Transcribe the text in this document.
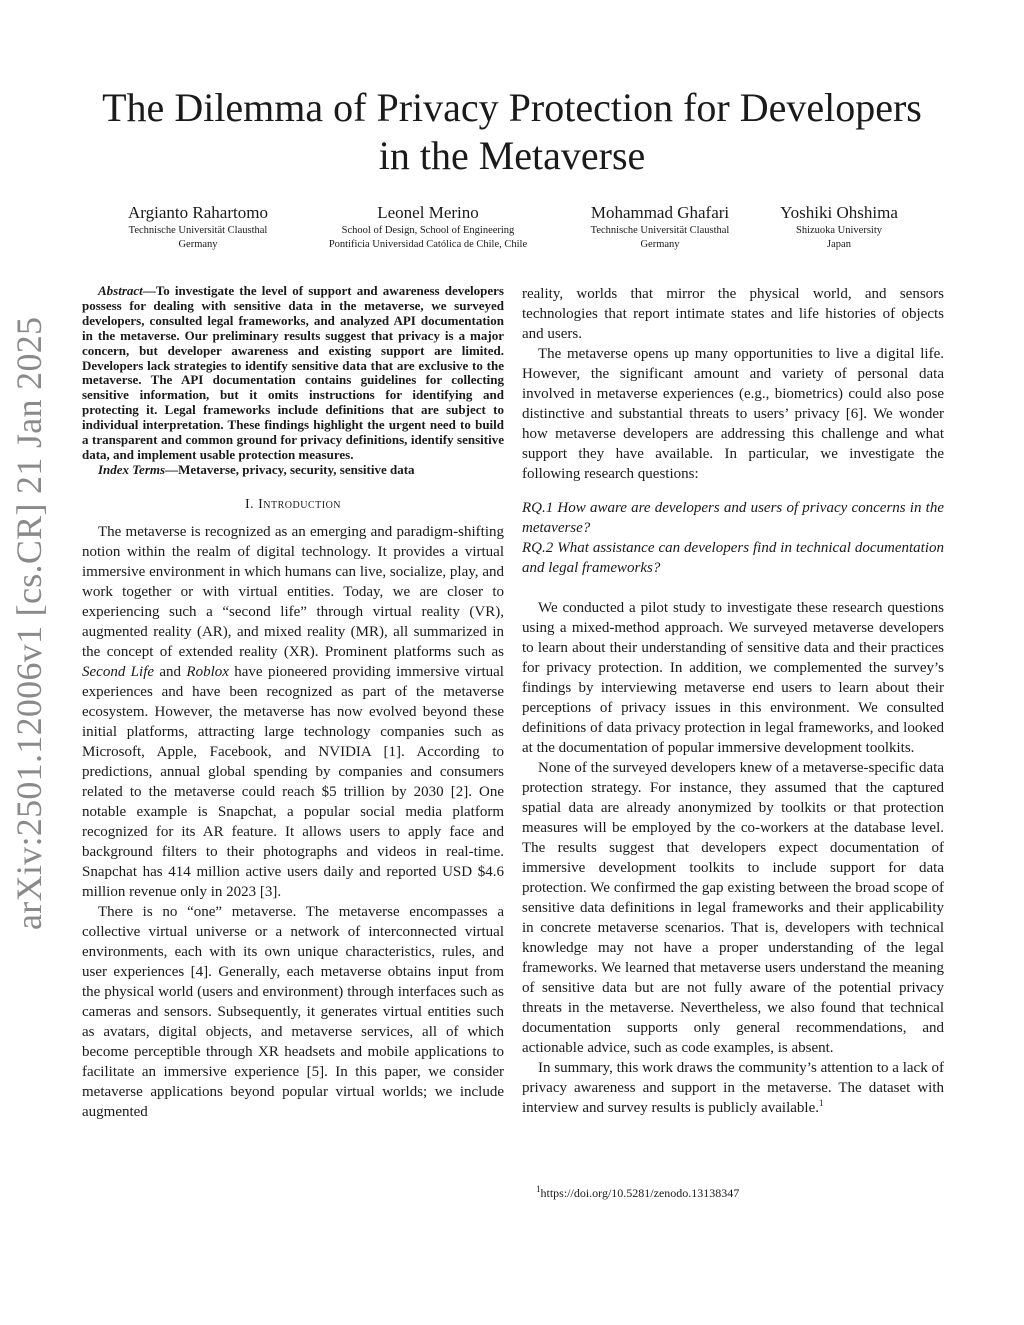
arXiv:2501.12006v1 [cs.CR] 21 Jan 2025
The Dilemma of Privacy Protection for Developers
in the Metaverse
Argianto Rahartomo
Technische Universität Clausthal
Germany
Leonel Merino
School of Design, School of Engineering
Pontificia Universidad Católica de Chile, Chile
Mohammad Ghafari
Technische Universität Clausthal
Germany
Yoshiki Ohshima
Shizuoka University
Japan

Abstract—To investigate the level of support and awareness developers possess for dealing with sensitive data in the metaverse, we surveyed developers, consulted legal frameworks, and analyzed API documentation in the metaverse. Our preliminary results suggest that privacy is a major concern, but developer awareness and existing support are limited. Developers lack strategies to identify sensitive data that are exclusive to the metaverse. The API documentation contains guidelines for collecting sensitive information, but it omits instructions for identifying and protecting it. Legal frameworks include definitions that are subject to individual interpretation. These findings highlight the urgent need to build a transparent and common ground for privacy definitions, identify sensitive data, and implement usable protection measures.

Index Terms—Metaverse, privacy, security, sensitive data

I. Introduction

The metaverse is recognized as an emerging and paradigm-shifting notion within the realm of digital technology. It provides a virtual immersive environment in which humans can live, socialize, play, and work together or with virtual entities. Today, we are closer to experiencing such a “second life” through virtual reality (VR), augmented reality (AR), and mixed reality (MR), all summarized in the concept of extended reality (XR). Prominent platforms such as Second Life and Roblox have pioneered providing immersive virtual experiences and have been recognized as part of the metaverse ecosystem. However, the metaverse has now evolved beyond these initial platforms, attracting large technology companies such as Microsoft, Apple, Facebook, and NVIDIA [1]. According to predictions, annual global spending by companies and consumers related to the metaverse could reach $5 trillion by 2030 [2]. One notable example is Snapchat, a popular social media platform recognized for its AR feature. It allows users to apply face and background filters to their photographs and videos in real-time. Snapchat has 414 million active users daily and reported USD $4.6 million revenue only in 2023 [3].

There is no “one” metaverse. The metaverse encompasses a collective virtual universe or a network of interconnected virtual environments, each with its own unique characteristics, rules, and user experiences [4]. Generally, each metaverse obtains input from the physical world (users and environment) through interfaces such as cameras and sensors. Subsequently, it generates virtual entities such as avatars, digital objects, and metaverse services, all of which become perceptible through XR headsets and mobile applications to facilitate an immersive experience [5]. In this paper, we consider metaverse applications beyond popular virtual worlds; we include augmented

reality, worlds that mirror the physical world, and sensors technologies that report intimate states and life histories of objects and users.

The metaverse opens up many opportunities to live a digital life. However, the significant amount and variety of personal data involved in metaverse experiences (e.g., biometrics) could also pose distinctive and substantial threats to users’ privacy [6]. We wonder how metaverse developers are addressing this challenge and what support they have available. In particular, we investigate the following research questions:

RQ.1 How aware are developers and users of privacy concerns in the metaverse?

RQ.2 What assistance can developers find in technical documentation and legal frameworks?

We conducted a pilot study to investigate these research questions using a mixed-method approach. We surveyed metaverse developers to learn about their understanding of sensitive data and their practices for privacy protection. In addition, we complemented the survey’s findings by interviewing metaverse end users to learn about their perceptions of privacy issues in this environment. We consulted definitions of data privacy protection in legal frameworks, and looked at the documentation of popular immersive development toolkits.

None of the surveyed developers knew of a metaverse-specific data protection strategy. For instance, they assumed that the captured spatial data are already anonymized by toolkits or that protection measures will be employed by the co-workers at the database level. The results suggest that developers expect documentation of immersive development toolkits to include support for data protection. We confirmed the gap existing between the broad scope of sensitive data definitions in legal frameworks and their applicability in concrete metaverse scenarios. That is, developers with technical knowledge may not have a proper understanding of the legal frameworks. We learned that metaverse users understand the meaning of sensitive data but are not fully aware of the potential privacy threats in the metaverse. Nevertheless, we also found that technical documentation supports only general recommendations, and actionable advice, such as code examples, is absent.

In summary, this work draws the community’s attention to a lack of privacy awareness and support in the metaverse. The dataset with interview and survey results is publicly available.$^1$

$^1$https://doi.org/10.5281/zenodo.13138347
